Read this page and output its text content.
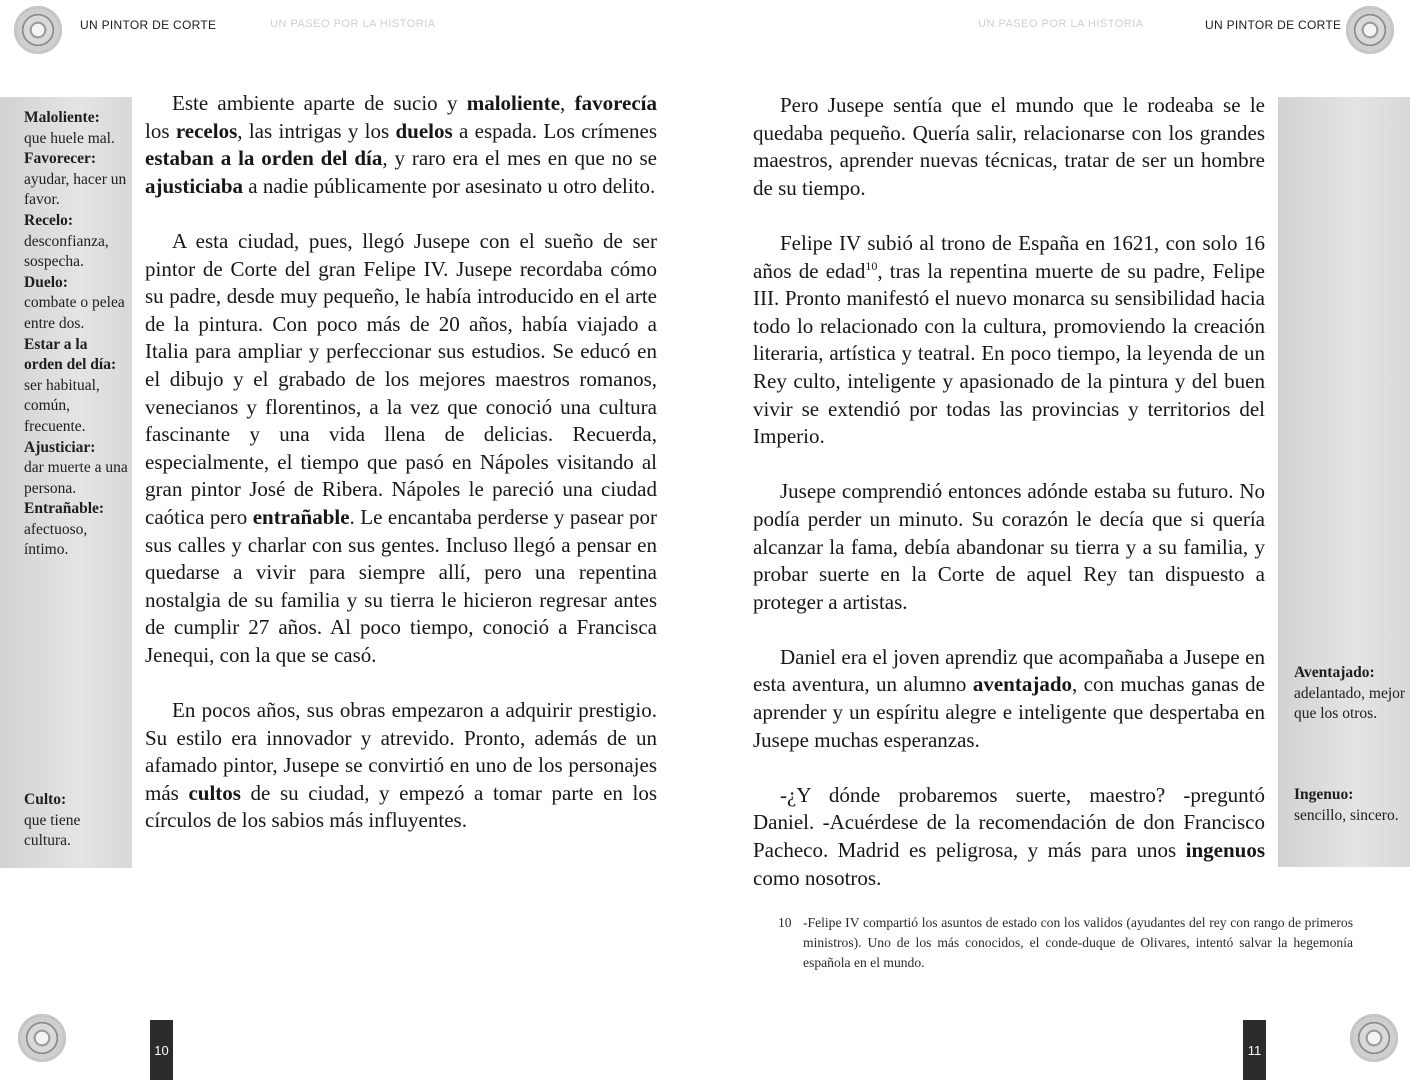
UN PINTOR DE CORTE	UN PASEO POR LA HISTORIA
Maloliente:
que huele mal.
Favorecer:
ayudar, hacer un favor.
Recelo:
desconfianza, sospecha.
Duelo:
combate o pelea entre dos.
Estar a la orden del día:
ser habitual, común, frecuente.
Ajusticiar:
dar muerte a una persona.
Entrañable:
afectuoso, íntimo.
Culto:
que tiene cultura.

Este ambiente aparte de sucio y maloliente, favorecía los recelos, las intrigas y los duelos a espada. Los crímenes estaban a la orden del día, y raro era el mes en que no se ajusticiaba a nadie públicamente por asesinato u otro delito.

A esta ciudad, pues, llegó Jusepe con el sueño de ser pintor de Corte del gran Felipe IV. Jusepe recordaba cómo su padre, desde muy pequeño, le había introducido en el arte de la pintura. Con poco más de 20 años, había viajado a Italia para ampliar y perfeccionar sus estudios. Se educó en el dibujo y el grabado de los mejores maestros romanos, venecianos y florentinos, a la vez que conoció una cultura fascinante y una vida llena de delicias. Recuerda, especialmente, el tiempo que pasó en Nápoles visitando al gran pintor José de Ribera. Nápoles le pareció una ciudad caótica pero entrañable. Le encantaba perderse y pasear por sus calles y charlar con sus gentes. Incluso llegó a pensar en quedarse a vivir para siempre allí, pero una repentina nostalgia de su familia y su tierra le hicieron regresar antes de cumplir 27 años. Al poco tiempo, conoció a Francisca Jenequi, con la que se casó.

En pocos años, sus obras empezaron a adquirir prestigio. Su estilo era innovador y atrevido. Pronto, además de un afamado pintor, Jusepe se convirtió en uno de los personajes más cultos de su ciudad, y empezó a tomar parte en los círculos de los sabios más influyentes.

10
UN PASEO POR LA HISTORIA	UN PINTOR DE CORTE

Pero Jusepe sentía que el mundo que le rodeaba se le quedaba pequeño. Quería salir, relacionarse con los grandes maestros, aprender nuevas técnicas, tratar de ser un hombre de su tiempo.

Felipe IV subió al trono de España en 1621, con solo 16 años de edad$^{10}$, tras la repentina muerte de su padre, Felipe III. Pronto manifestó el nuevo monarca su sensibilidad hacia todo lo relacionado con la cultura, promoviendo la creación literaria, artística y teatral. En poco tiempo, la leyenda de un Rey culto, inteligente y apasionado de la pintura y del buen vivir se extendió por todas las provincias y territorios del Imperio.

Jusepe comprendió entonces adónde estaba su futuro. No podía perder un minuto. Su corazón le decía que si quería alcanzar la fama, debía abandonar su tierra y a su familia, y probar suerte en la Corte de aquel Rey tan dispuesto a proteger a artistas.

Daniel era el joven aprendiz que acompañaba a Jusepe en esta aventura, un alumno aventajado, con muchas ganas de aprender y un espíritu alegre e inteligente que despertaba en Jusepe muchas esperanzas.

-¿Y dónde probaremos suerte, maestro? -preguntó Daniel. -Acuérdese de la recomendación de don Francisco Pacheco. Madrid es peligrosa, y más para unos ingenuos como nosotros.

Aventajado:
adelantado, mejor que los otros.
Ingenuo:
sencillo, sincero.
10 -Felipe IV compartió los asuntos de estado con los validos (ayudantes del rey con rango de primeros ministros). Uno de los más conocidos, el conde-duque de Olivares, intentó salvar la hegemonía española en el mundo.
11
